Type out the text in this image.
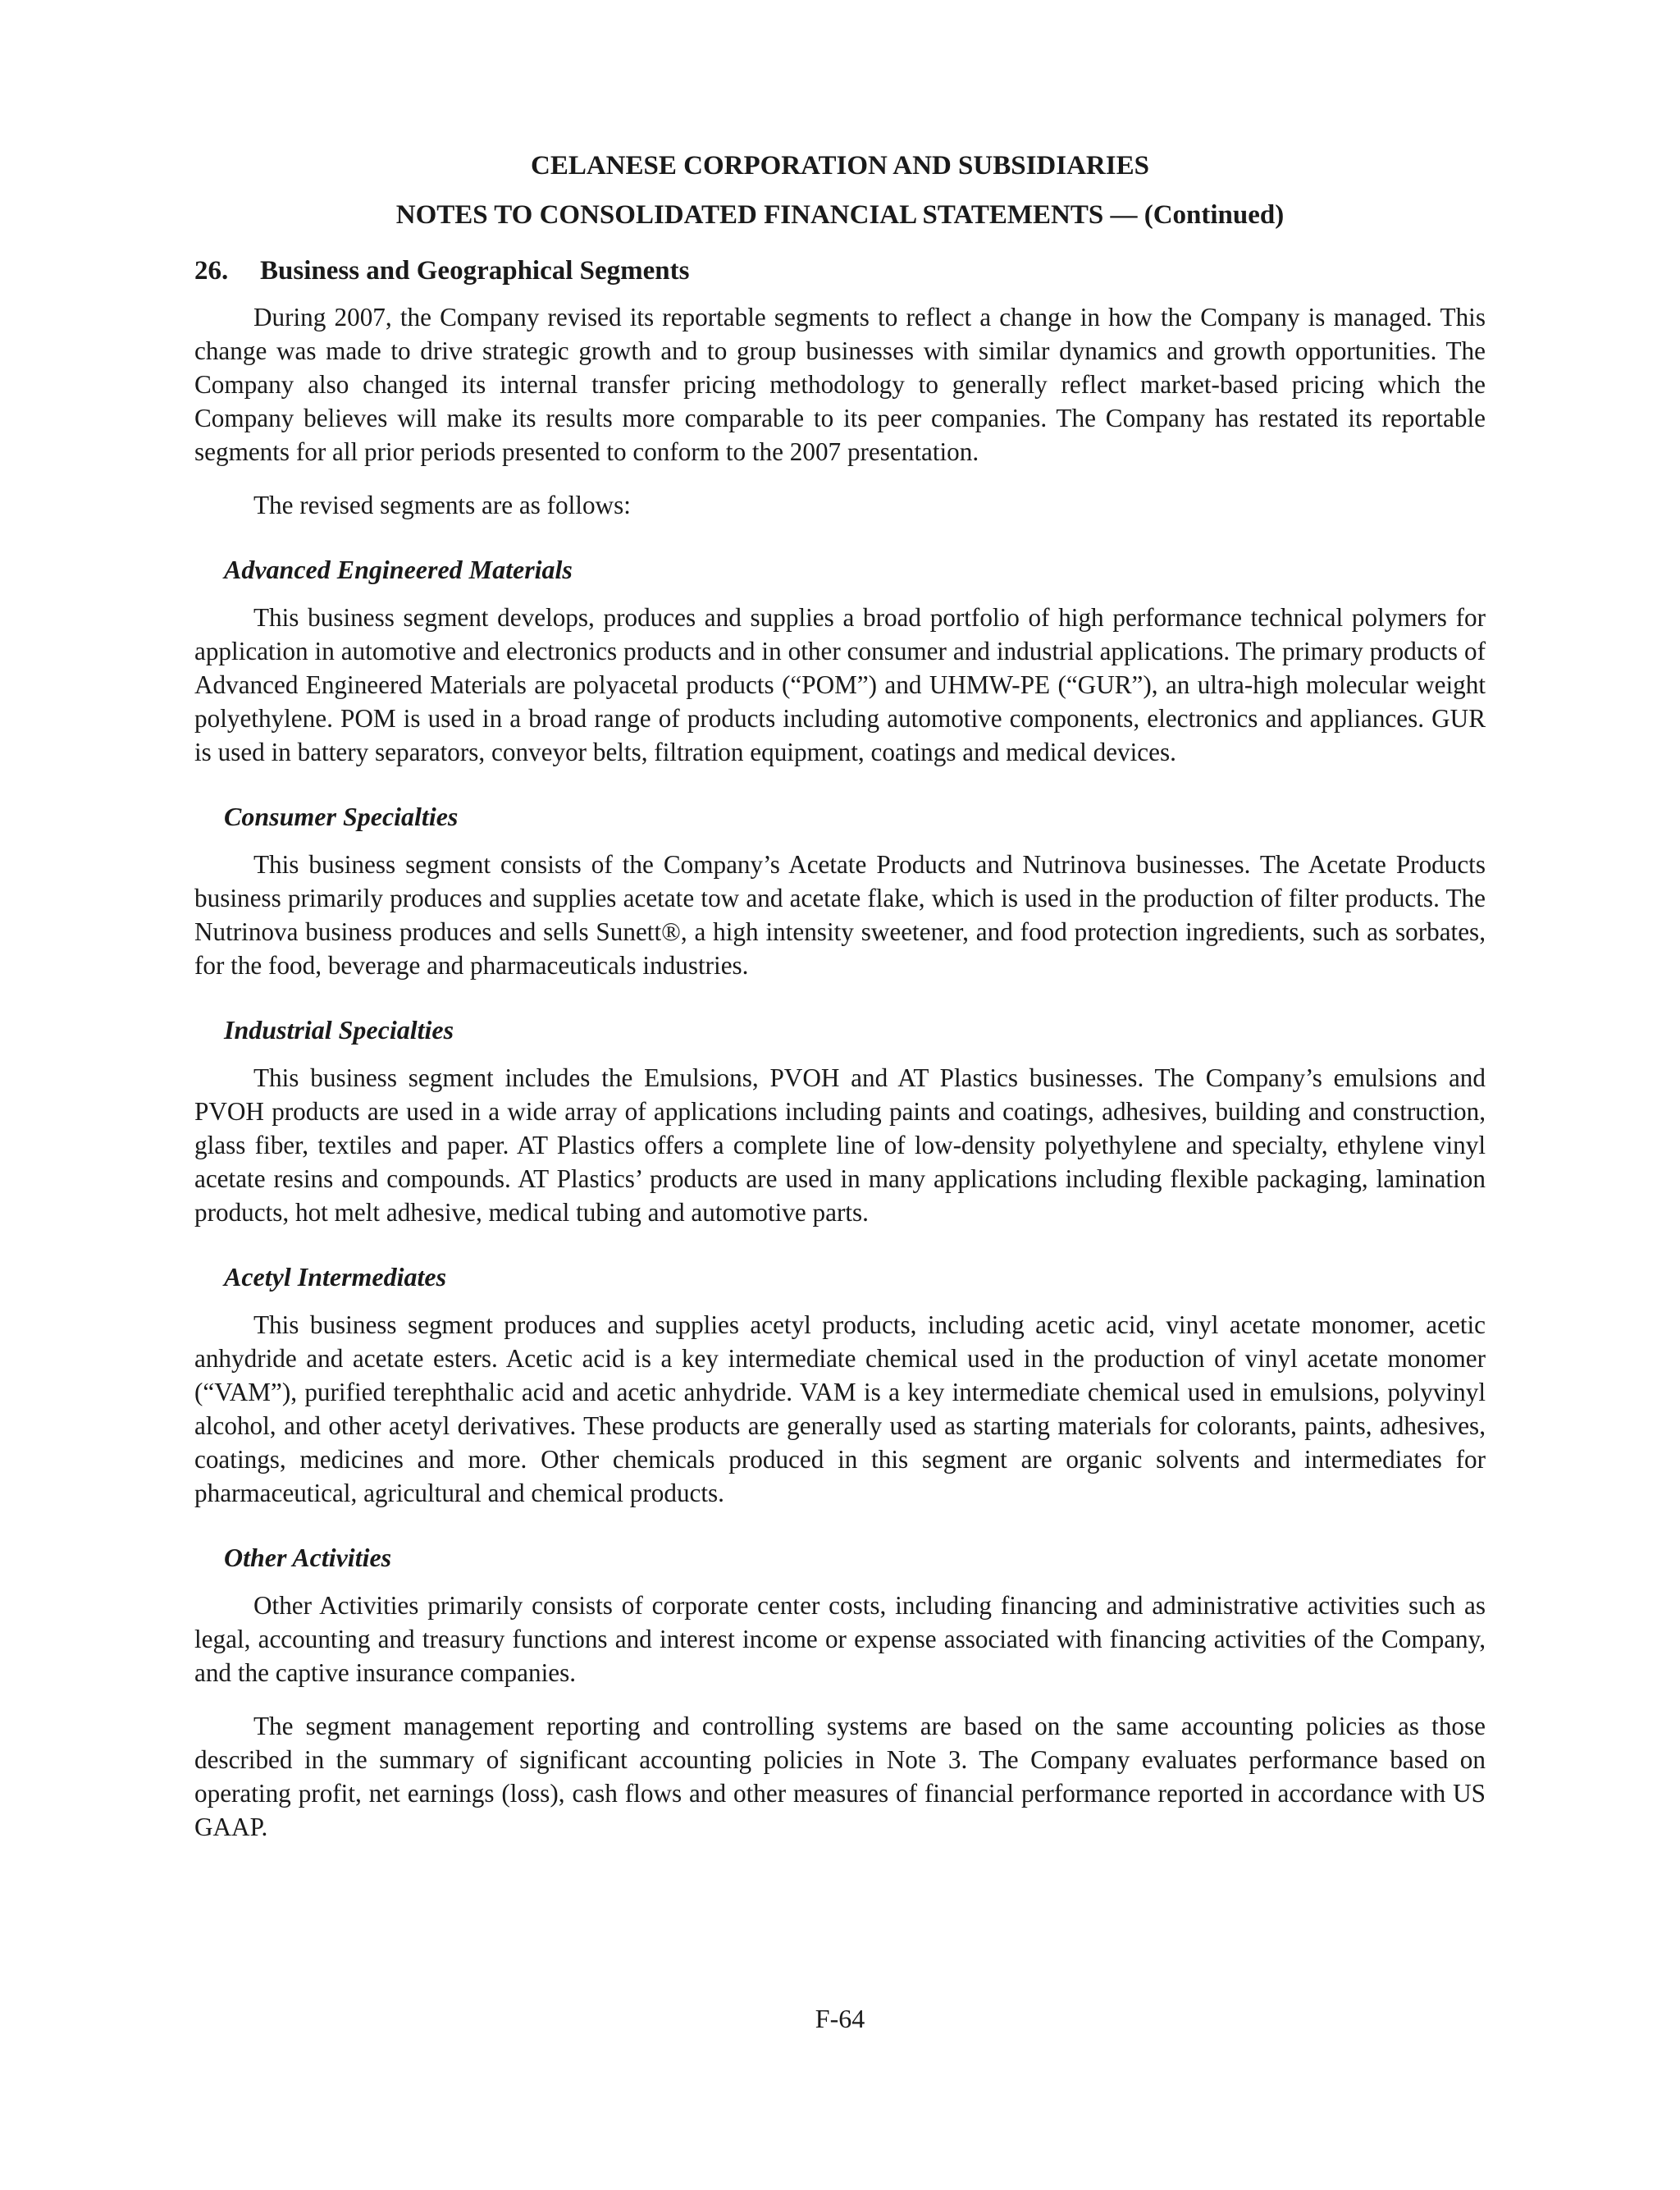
CELANESE CORPORATION AND SUBSIDIARIES
NOTES TO CONSOLIDATED FINANCIAL STATEMENTS — (Continued)
26. Business and Geographical Segments

During 2007, the Company revised its reportable segments to reflect a change in how the Company is managed. This change was made to drive strategic growth and to group businesses with similar dynamics and growth opportunities. The Company also changed its internal transfer pricing methodology to generally reflect market-based pricing which the Company believes will make its results more comparable to its peer companies. The Company has restated its reportable segments for all prior periods presented to conform to the 2007 presentation.

The revised segments are as follows:

Advanced Engineered Materials

This business segment develops, produces and supplies a broad portfolio of high performance technical polymers for application in automotive and electronics products and in other consumer and industrial applications. The primary products of Advanced Engineered Materials are polyacetal products (“POM”) and UHMW-PE (“GUR”), an ultra-high molecular weight polyethylene. POM is used in a broad range of products including automotive components, electronics and appliances. GUR is used in battery separators, conveyor belts, filtration equipment, coatings and medical devices.

Consumer Specialties

This business segment consists of the Company’s Acetate Products and Nutrinova businesses. The Acetate Products business primarily produces and supplies acetate tow and acetate flake, which is used in the production of filter products. The Nutrinova business produces and sells Sunett®, a high intensity sweetener, and food protection ingredients, such as sorbates, for the food, beverage and pharmaceuticals industries.

Industrial Specialties

This business segment includes the Emulsions, PVOH and AT Plastics businesses. The Company’s emulsions and PVOH products are used in a wide array of applications including paints and coatings, adhesives, building and construction, glass fiber, textiles and paper. AT Plastics offers a complete line of low-density polyethylene and specialty, ethylene vinyl acetate resins and compounds. AT Plastics’ products are used in many applications including flexible packaging, lamination products, hot melt adhesive, medical tubing and automotive parts.

Acetyl Intermediates

This business segment produces and supplies acetyl products, including acetic acid, vinyl acetate monomer, acetic anhydride and acetate esters. Acetic acid is a key intermediate chemical used in the production of vinyl acetate monomer (“VAM”), purified terephthalic acid and acetic anhydride. VAM is a key intermediate chemical used in emulsions, polyvinyl alcohol, and other acetyl derivatives. These products are generally used as starting materials for colorants, paints, adhesives, coatings, medicines and more. Other chemicals produced in this segment are organic solvents and intermediates for pharmaceutical, agricultural and chemical products.

Other Activities

Other Activities primarily consists of corporate center costs, including financing and administrative activities such as legal, accounting and treasury functions and interest income or expense associated with financing activities of the Company, and the captive insurance companies.

The segment management reporting and controlling systems are based on the same accounting policies as those described in the summary of significant accounting policies in Note 3. The Company evaluates performance based on operating profit, net earnings (loss), cash flows and other measures of financial performance reported in accordance with US GAAP.

F-64
